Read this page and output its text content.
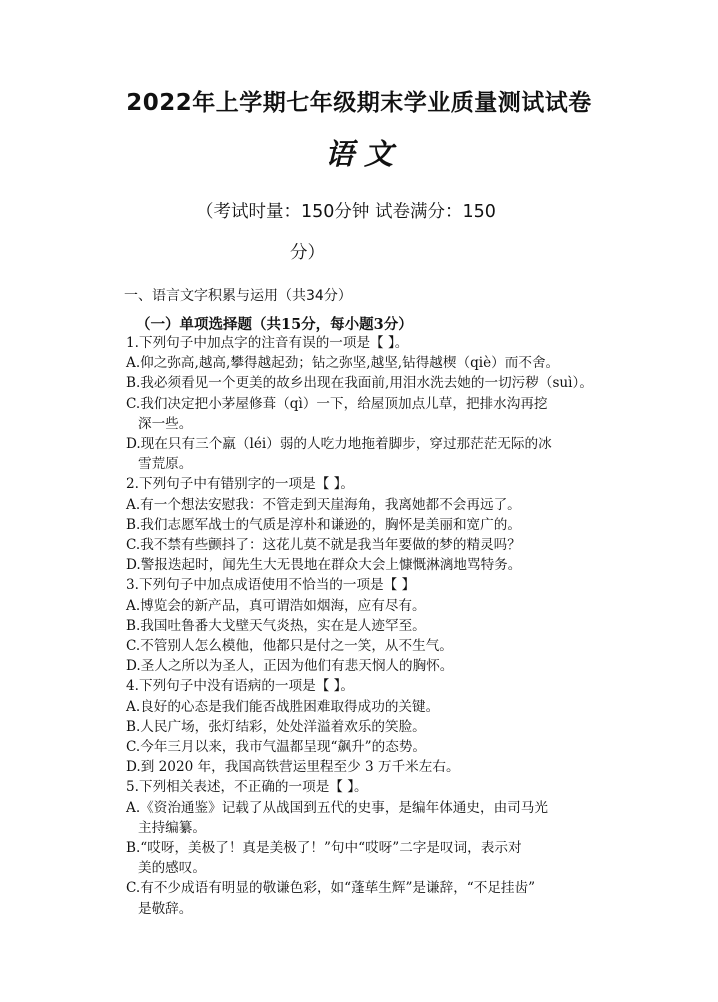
2022年上学期七年级期末学业质量测试试卷
语 文
（考试时量：150分钟 试卷满分：150
分）
一、语言文字积累与运用（共34分）
（一）单项选择题（共15分，每小题3分）
1.下列句子中加点字的注音有误的一项是【 】。
A.仰之弥高,越高,攀得越起劲；钻之弥坚,越坚,钻得越楔（qiè）而不舍。
B.我必须看见一个更美的故乡出现在我面前,用泪水洗去她的一切污秽（suì）。
C.我们决定把小茅屋修葺（qì）一下，给屋顶加点儿草，把排水沟再挖
深一些。
D.现在只有三个羸（léi）弱的人吃力地拖着脚步，穿过那茫茫无际的冰
雪荒原。
2.下列句子中有错别字的一项是【 】。
A.有一个想法安慰我：不管走到天崖海角，我离她都不会再远了。
B.我们志愿军战士的气质是淳朴和谦逊的，胸怀是美丽和宽广的。
C.我不禁有些颤抖了：这花儿莫不就是我当年要做的梦的精灵吗？
D.警报迭起时，闻先生大无畏地在群众大会上慷慨淋漓地骂特务。
3.下列句子中加点成语使用不恰当的一项是【 】
A.博览会的新产品，真可谓浩如烟海，应有尽有。
B.我国吐鲁番大戈壁天气炎热，实在是人迹罕至。
C.不管别人怎么模他，他都只是付之一笑，从不生气。
D.圣人之所以为圣人，正因为他们有悲天悯人的胸怀。
4.下列句子中没有语病的一项是【 】。
A.良好的心态是我们能否战胜困难取得成功的关键。
B.人民广场，张灯结彩，处处洋溢着欢乐的笑脸。
C.今年三月以来，我市气温都呈现“飙升”的态势。
D.到 2020 年，我国高铁营运里程至少 3 万千米左右。
5.下列相关表述，不正确的一项是【 】。
A.《资治通鉴》记载了从战国到五代的史事，是编年体通史，由司马光
主持编纂。
B.“哎呀，美极了！真是美极了！”句中“哎呀”二字是叹词，表示对
美的感叹。
C.有不少成语有明显的敬谦色彩，如“蓬荜生辉”是谦辞，“不足挂齿”
是敬辞。
